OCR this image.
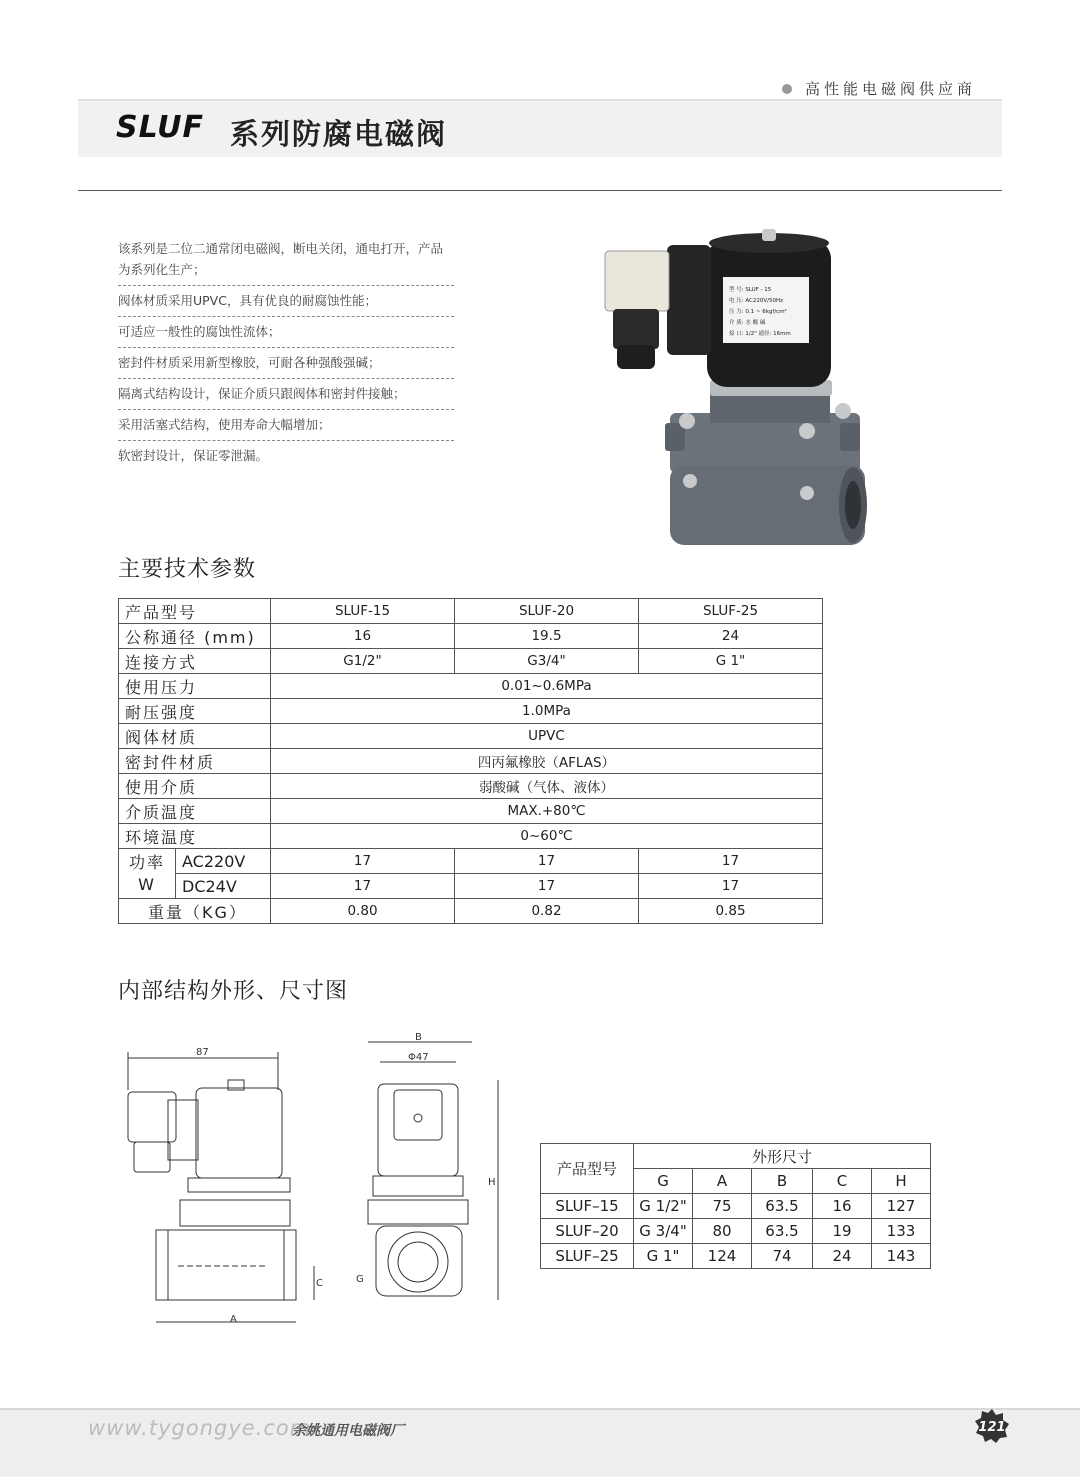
高性能电磁阀供应商
SLUF 系列防腐电磁阀
该系列是二位二通常闭电磁阀，断电关闭，通电打开，产品为系列化生产；
阀体材质采用UPVC，具有优良的耐腐蚀性能；
可适应一般性的腐蚀性流体；
密封件材质采用新型橡胶，可耐各种强酸强碱；
隔离式结构设计，保证介质只跟阀体和密封件接触；
采用活塞式结构，使用寿命大幅增加；
软密封设计，保证零泄漏。
型 号: SLUF - 15
电 压: AC220V/50Hz
压 力: 0.1 ~ 6kgf/cm²
介 质: 水 酸 碱
接 口: 1/2" 通径: 16mm
主要技术参数
产品型号		SLUF-15	SLUF-20	SLUF-25
公称通径 (mm)		16	19.5	24
连接方式		G1/2"	G3/4"	G 1"
使用压力		0.01~0.6MPa		
耐压强度		1.0MPa		
阀体材质		UPVC		
密封件材质		四丙氟橡胶（AFLAS）		
使用介质		弱酸碱（气体、液体）		
介质温度		MAX.+80℃		
环境温度		0~60℃		
功率
W	AC220V	17	17	17
	DC24V	17	17	17
重量（KG）		0.80	0.82	0.85
内部结构外形、尺寸图
87
A
C
B
Φ47
H
G
产品型号	外形尺寸				
	G	A	B	C	H
SLUF–15	G 1/2"	75	63.5	16	127
SLUF–20	G 3/4"	80	63.5	19	133
SLUF–25	G 1"	124	74	24	143
www.tygongye.com
余姚通用电磁阀厂	121
